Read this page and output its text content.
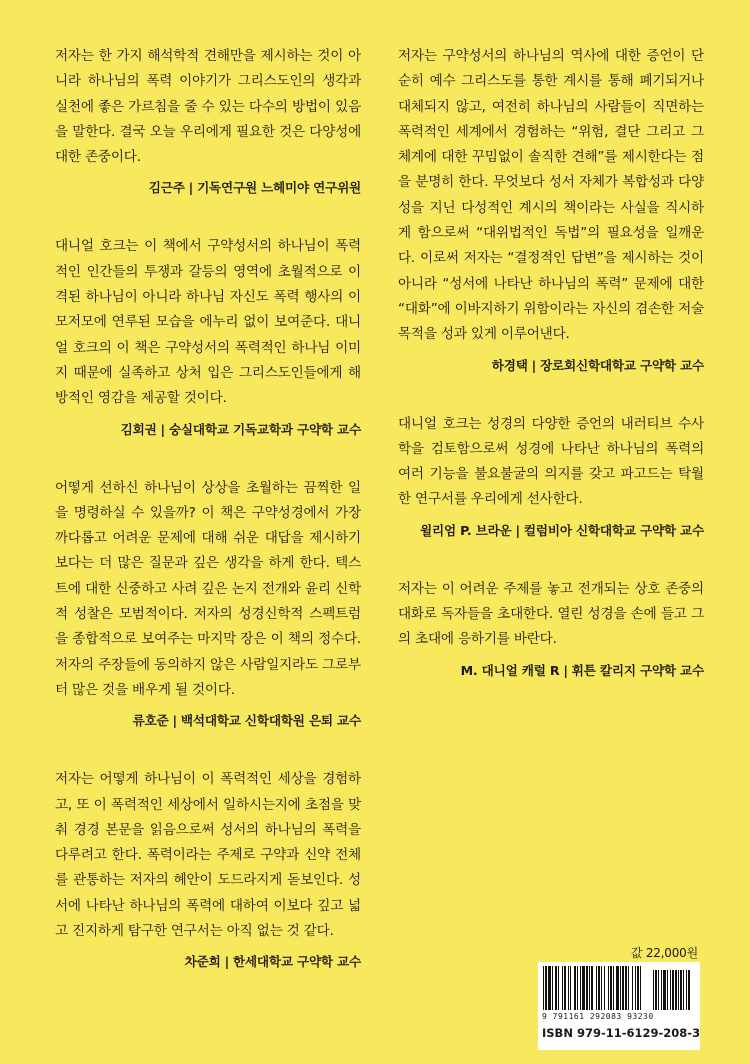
저자는 한 가지 해석학적 견해만을 제시하는 것이 아니라 하나님의 폭력 이야기가 그리스도인의 생각과 실천에 좋은 가르침을 줄 수 있는 다수의 방법이 있음을 말한다. 결국 오늘 우리에게 필요한 것은 다양성에 대한 존중이다.

김근주 | 기독연구원 느헤미야 연구위원

대니얼 호크는 이 책에서 구약성서의 하나님이 폭력적인 인간들의 투쟁과 갈등의 영역에 초월적으로 이격된 하나님이 아니라 하나님 자신도 폭력 행사의 이모저모에 연루된 모습을 에누리 없이 보여준다. 대니얼 호크의 이 책은 구약성서의 폭력적인 하나님 이미지 때문에 실족하고 상처 입은 그리스도인들에게 해방적인 영감을 제공할 것이다.

김회권 | 숭실대학교 기독교학과 구약학 교수

어떻게 선하신 하나님이 상상을 초월하는 끔찍한 일을 명령하실 수 있을까? 이 책은 구약성경에서 가장 까다롭고 어려운 문제에 대해 쉬운 대답을 제시하기보다는 더 많은 질문과 깊은 생각을 하게 한다. 텍스트에 대한 신중하고 사려 깊은 논지 전개와 윤리 신학적 성찰은 모범적이다. 저자의 성경신학적 스펙트럼을 종합적으로 보여주는 마지막 장은 이 책의 정수다. 저자의 주장들에 동의하지 않은 사람일지라도 그로부터 많은 것을 배우게 될 것이다.

류호준 | 백석대학교 신학대학원 은퇴 교수

저자는 어떻게 하나님이 이 폭력적인 세상을 경험하고, 또 이 폭력적인 세상에서 일하시는지에 초점을 맞춰 경경 본문을 읽음으로써 성서의 하나님의 폭력을 다루려고 한다. 폭력이라는 주제로 구약과 신약 전체를 관통하는 저자의 혜안이 도드라지게 돋보인다. 성서에 나타난 하나님의 폭력에 대하여 이보다 깊고 넓고 진지하게 탐구한 연구서는 아직 없는 것 같다.

차준희 | 한세대학교 구약학 교수

저자는 구약성서의 하나님의 역사에 대한 증언이 단순히 예수 그리스도를 통한 계시를 통해 폐기되거나 대체되지 않고, 여전히 하나님의 사람들이 직면하는 폭력적인 세계에서 경험하는 “위험, 결단 그리고 그 체계에 대한 꾸밈없이 솔직한 견해”를 제시한다는 점을 분명히 한다. 무엇보다 성서 자체가 복합성과 다양성을 지닌 다성적인 계시의 책이라는 사실을 직시하게 함으로써 “대위법적인 독법”의 필요성을 일깨운다. 이로써 저자는 “결정적인 답변”을 제시하는 것이 아니라 “성서에 나타난 하나님의 폭력” 문제에 대한 “대화”에 이바지하기 위함이라는 자신의 겸손한 저술목적을 성과 있게 이루어낸다.

하경택 | 장로회신학대학교 구약학 교수

대니얼 호크는 성경의 다양한 증언의 내러티브 수사학을 검토함으로써 성경에 나타난 하나님의 폭력의 여러 기능을 불요불굴의 의지를 갖고 파고드는 탁월한 연구서를 우리에게 선사한다.

윌리엄 P. 브라운 | 컬럼비아 신학대학교 구약학 교수

저자는 이 어려운 주제를 놓고 전개되는 상호 존중의 대화로 독자들을 초대한다. 열린 성경을 손에 들고 그의 초대에 응하기를 바란다.

M. 대니얼 캐럴 R | 휘튼 칼리지 구약학 교수
값 22,000원
9 791161 292083 93230
ISBN 979-11-6129-208-3
